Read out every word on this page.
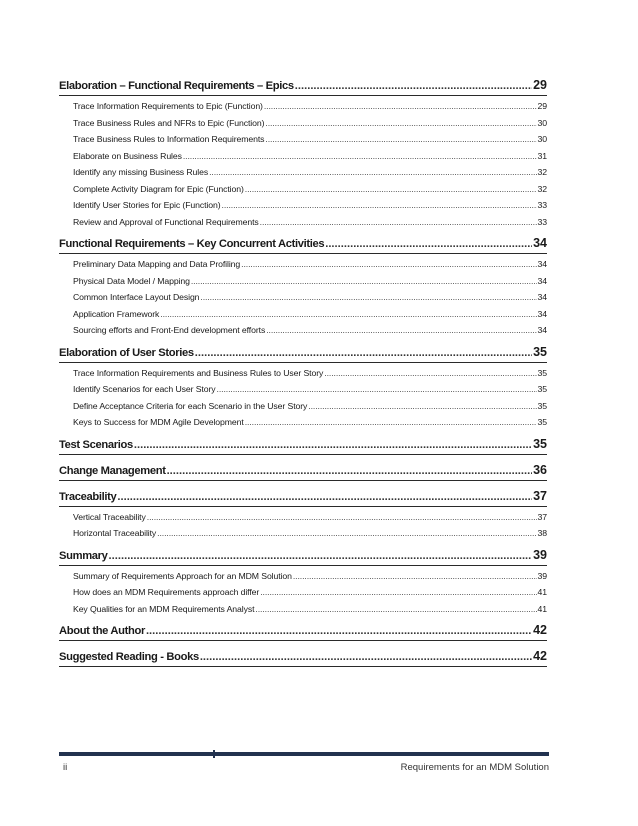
Elaboration – Functional Requirements – Epics .....	29
Trace Information Requirements to Epic (Function) .....	29
Trace Business Rules and NFRs to Epic (Function) .....	30
Trace Business Rules to Information Requirements .....	30
Elaborate on Business Rules .....	31
Identify any missing Business Rules .....	32
Complete Activity Diagram for Epic (Function) .....	32
Identify User Stories for Epic (Function) .....	33
Review and Approval of Functional Requirements .....	33
Functional Requirements – Key Concurrent Activities .....	34
Preliminary Data Mapping and Data Profiling .....	34
Physical Data Model / Mapping .....	34
Common Interface Layout Design .....	34
Application Framework .....	34
Sourcing efforts and Front-End development efforts .....	34
Elaboration of User Stories .....	35
Trace Information Requirements and Business Rules to User Story .....	35
Identify Scenarios for each User Story .....	35
Define Acceptance Criteria for each Scenario in the User Story .....	35
Keys to Success for MDM Agile Development .....	35
Test Scenarios .....	35
Change Management .....	36
Traceability .....	37
Vertical Traceability .....	37
Horizontal Traceability .....	38
Summary .....	39
Summary of Requirements Approach for an MDM Solution .....	39
How does an MDM Requirements approach differ .....	41
Key Qualities for an MDM Requirements Analyst .....	41
About the Author .....	42
Suggested Reading - Books .....	42
ii	Requirements for an MDM Solution
